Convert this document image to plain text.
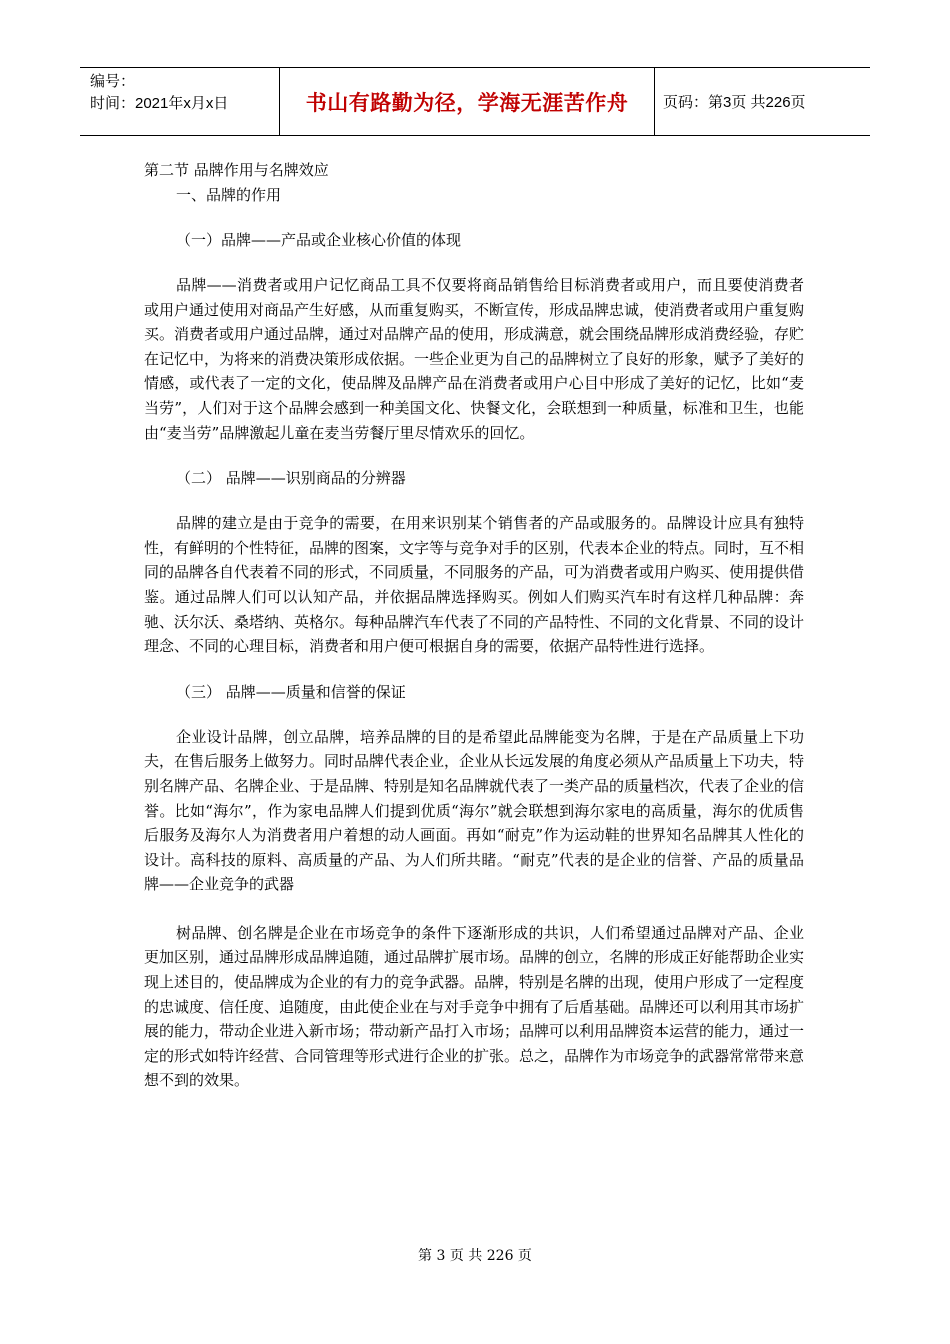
编号：
时间：2021年x月x日	书山有路勤为径，学海无涯苦作舟	页码：第3页 共226页
第二节 品牌作用与名牌效应
一、品牌的作用
（一）品牌——产品或企业核心价值的体现

品牌——消费者或用户记忆商品工具不仅要将商品销售给目标消费者或用户，而且要使消费者或用户通过使用对商品产生好感，从而重复购买，不断宣传，形成品牌忠诚，使消费者或用户重复购买。消费者或用户通过品牌，通过对品牌产品的使用，形成满意，就会围绕品牌形成消费经验，存贮在记忆中，为将来的消费决策形成依据。一些企业更为自己的品牌树立了良好的形象，赋予了美好的情感，或代表了一定的文化，使品牌及品牌产品在消费者或用户心目中形成了美好的记忆，比如“麦当劳”，人们对于这个品牌会感到一种美国文化、快餐文化，会联想到一种质量，标准和卫生，也能由“麦当劳”品牌激起儿童在麦当劳餐厅里尽情欢乐的回忆。

（二） 品牌——识别商品的分辨器

品牌的建立是由于竞争的需要，在用来识别某个销售者的产品或服务的。品牌设计应具有独特性，有鲜明的个性特征，品牌的图案，文字等与竞争对手的区别，代表本企业的特点。同时，互不相同的品牌各自代表着不同的形式，不同质量，不同服务的产品，可为消费者或用户购买、使用提供借鉴。通过品牌人们可以认知产品，并依据品牌选择购买。例如人们购买汽车时有这样几种品牌：奔驰、沃尔沃、桑塔纳、英格尔。每种品牌汽车代表了不同的产品特性、不同的文化背景、不同的设计理念、不同的心理目标，消费者和用户便可根据自身的需要，依据产品特性进行选择。

（三） 品牌——质量和信誉的保证

企业设计品牌，创立品牌，培养品牌的目的是希望此品牌能变为名牌，于是在产品质量上下功夫，在售后服务上做努力。同时品牌代表企业，企业从长远发展的角度必须从产品质量上下功夫，特别名牌产品、名牌企业、于是品牌、特别是知名品牌就代表了一类产品的质量档次，代表了企业的信誉。比如“海尔”，作为家电品牌人们提到优质“海尔”就会联想到海尔家电的高质量，海尔的优质售后服务及海尔人为消费者用户着想的动人画面。再如“耐克”作为运动鞋的世界知名品牌其人性化的设计。高科技的原料、高质量的产品、为人们所共睹。“耐克”代表的是企业的信誉、产品的质量品牌——企业竞争的武器

树品牌、创名牌是企业在市场竞争的条件下逐渐形成的共识，人们希望通过品牌对产品、企业更加区别，通过品牌形成品牌追随，通过品牌扩展市场。品牌的创立，名牌的形成正好能帮助企业实现上述目的，使品牌成为企业的有力的竞争武器。品牌，特别是名牌的出现，使用户形成了一定程度的忠诚度、信任度、追随度，由此使企业在与对手竞争中拥有了后盾基础。品牌还可以利用其市场扩展的能力，带动企业进入新市场；带动新产品打入市场；品牌可以利用品牌资本运营的能力，通过一定的形式如特许经营、合同管理等形式进行企业的扩张。总之，品牌作为市场竞争的武器常常带来意想不到的效果。

第 3 页 共 226 页
